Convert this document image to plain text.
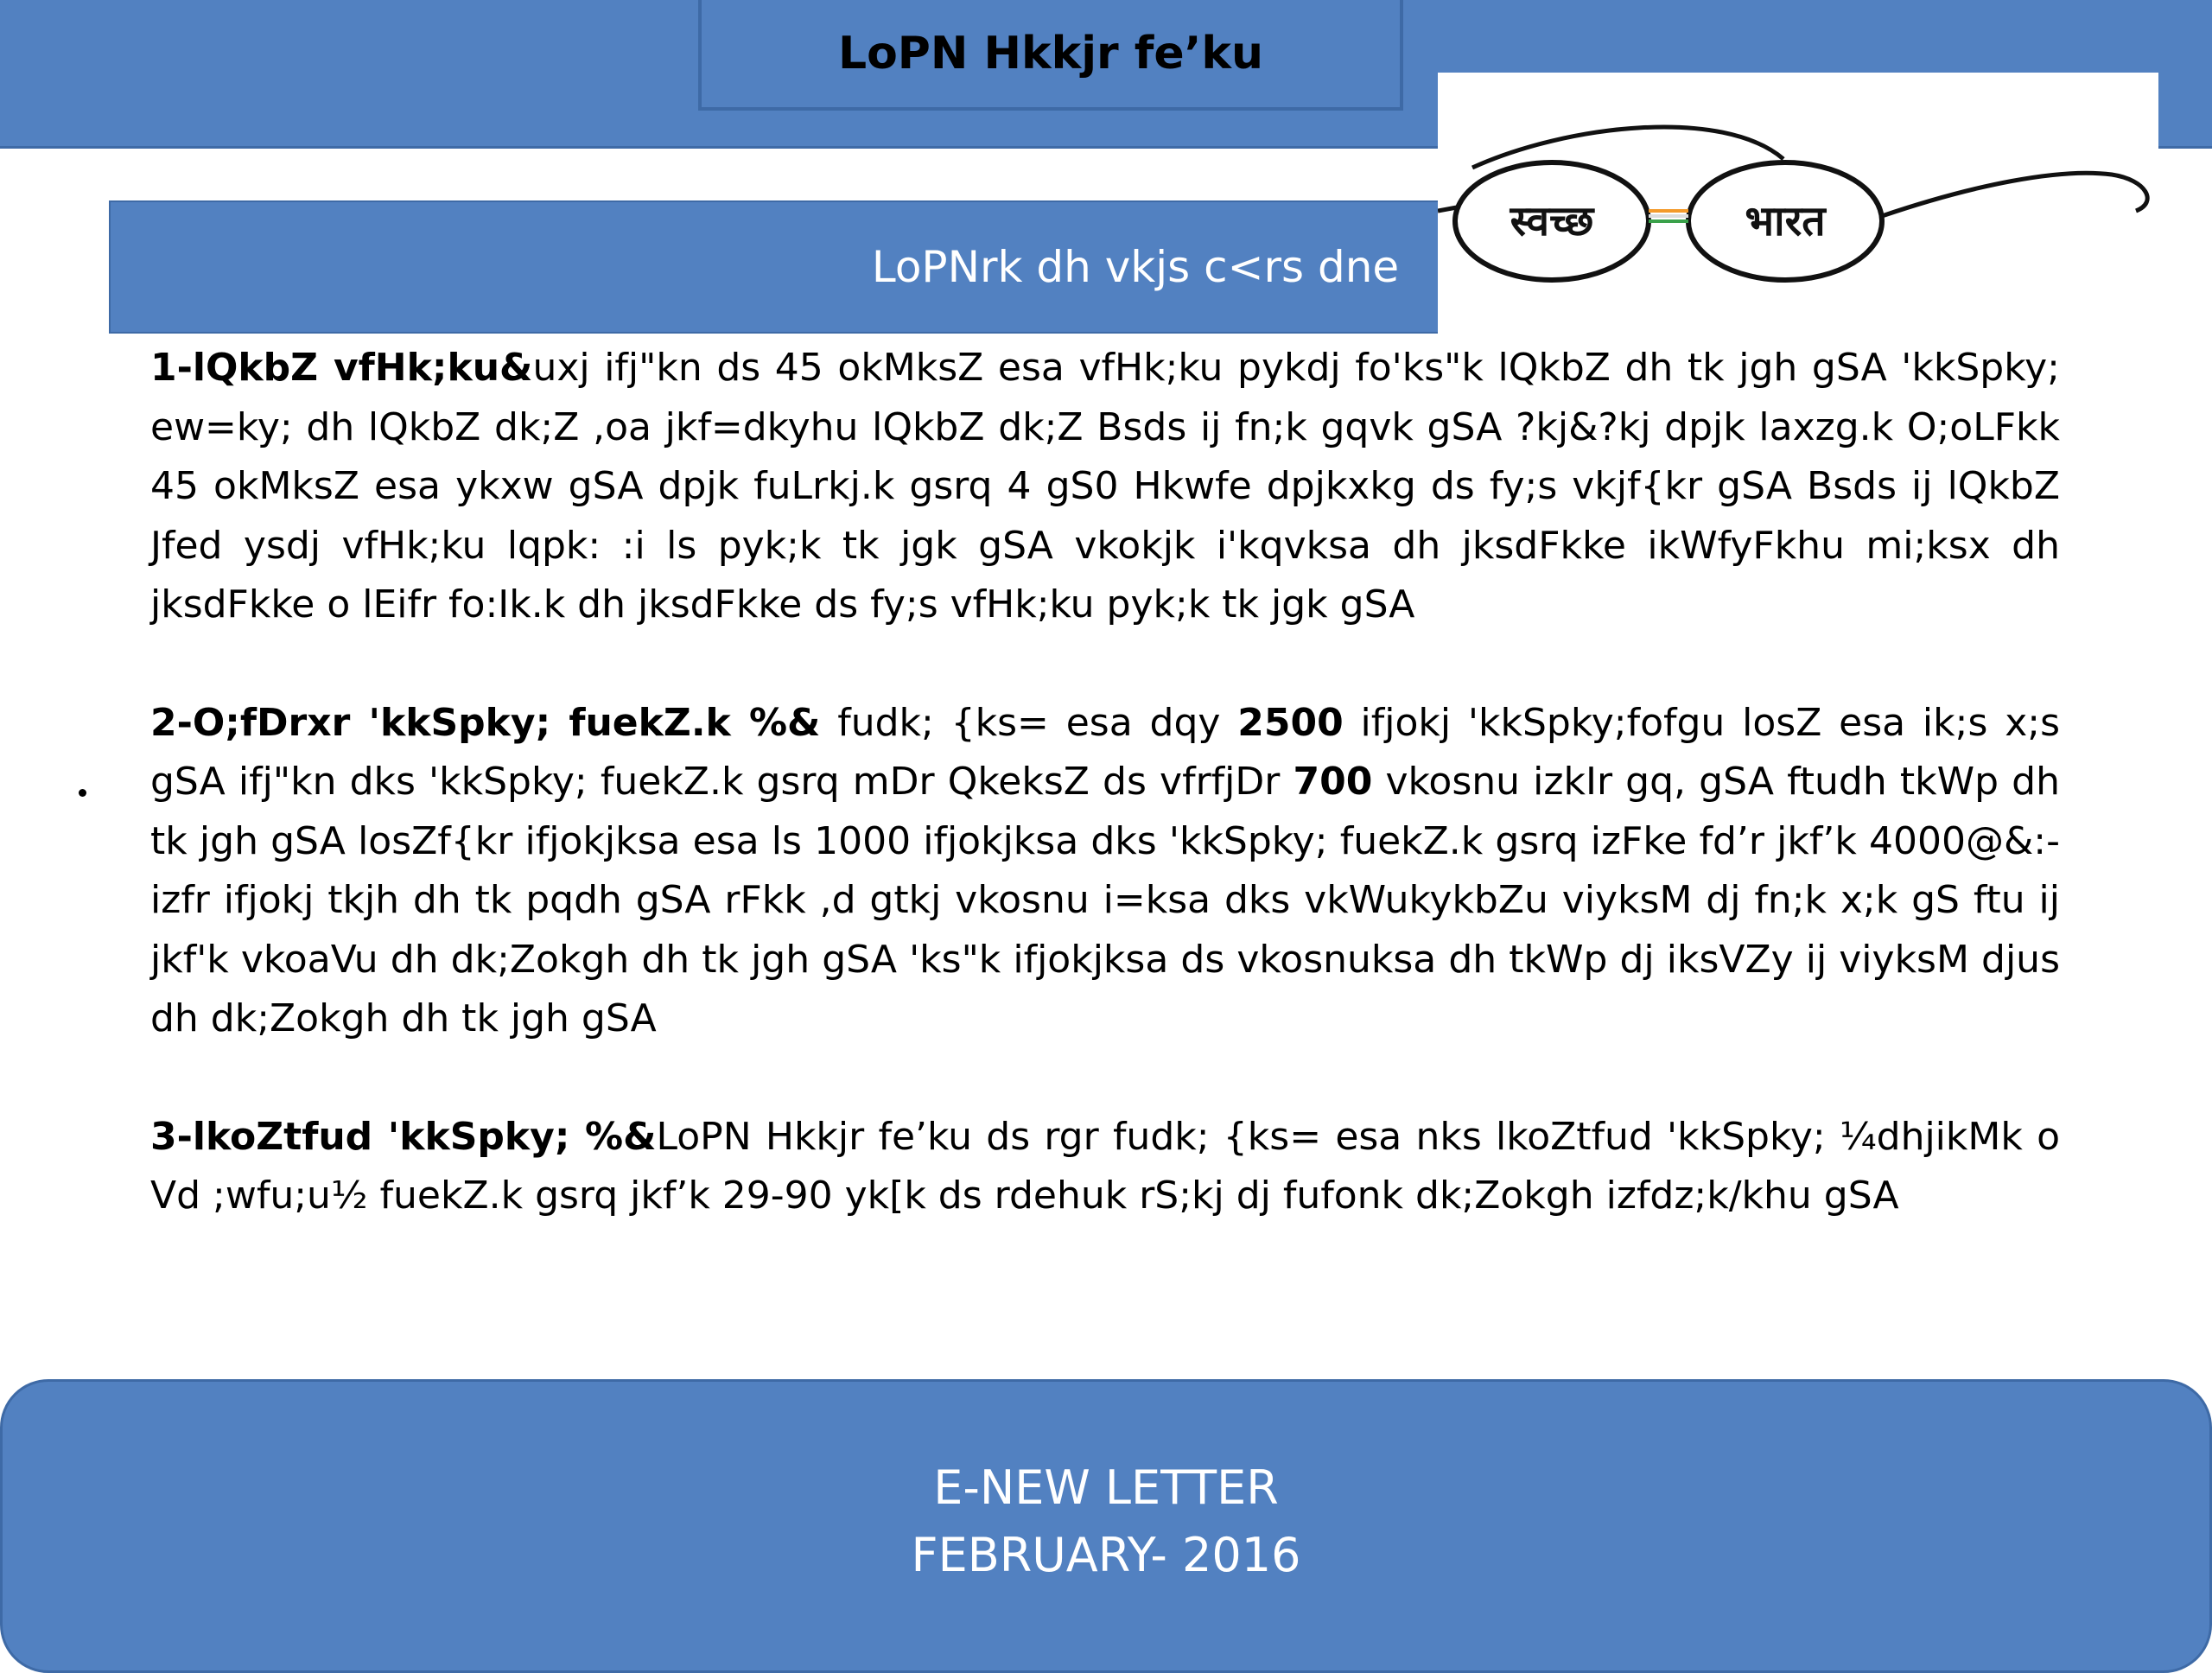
LoPN Hkkjr fe’ku
LoPNrk dh vkjs c<rs dne
स्वच्छ	भारत

1-lQkbZ vfHk;ku&uxj ifj"kn ds 45 okMksZ esa vfHk;ku pykdj fo'ks"k lQkbZ dh tk jgh gSA 'kkSpky; ew=ky; dh lQkbZ dk;Z ,oa jkf=dkyhu lQkbZ dk;Z Bsds ij fn;k gqvk gSA ?kj&?kj dpjk laxzg.k O;oLFkk 45 okMksZ esa ykxw gSA dpjk fuLrkj.k gsrq 4 gS0 Hkwfe dpjkxkg ds fy;s vkjf{kr gSA Bsds ij lQkbZ Jfed ysdj vfHk;ku lqpk: :i ls pyk;k tk jgk gSA vkokjk i'kqvksa dh jksdFkke ikWfyFkhu mi;ksx dh jksdFkke o lEifr fo:Ik.k dh jksdFkke ds fy;s vfHk;ku pyk;k tk jgk gSA

2-O;fDrxr 'kkSpky; fuekZ.k %& fudk; {ks= esa dqy 2500 ifjokj 'kkSpky;fofgu losZ esa ik;s x;s gSA ifj"kn dks 'kkSpky; fuekZ.k gsrq mDr QkeksZ ds vfrfjDr 700 vkosnu izkIr gq, gSA ftudh tkWp dh tk jgh gSA losZf{kr ifjokjksa esa ls 1000 ifjokjksa dks 'kkSpky; fuekZ.k gsrq izFke fd’r jkf’k 4000@&:- izfr ifjokj tkjh dh tk pqdh gSA rFkk ,d gtkj vkosnu i=ksa dks vkWukykbZu viyksM dj fn;k x;k gS ftu ij jkf'k vkoaVu dh dk;Zokgh dh tk jgh gSA 'ks"k ifjokjksa ds vkosnuksa dh tkWp dj iksVZy ij viyksM djus dh dk;Zokgh dh tk jgh gSA

3-lkoZtfud 'kkSpky; %&LoPN Hkkjr fe’ku ds rgr fudk; {ks= esa nks lkoZtfud 'kkSpky; ¼dhjikMk o Vd ;wfu;u½ fuekZ.k gsrq jkf’k 29-90 yk[k ds rdehuk rS;kj dj fufonk dk;Zokgh izfdz;k/khu gSA

E-NEW LETTER
FEBRUARY- 2016
